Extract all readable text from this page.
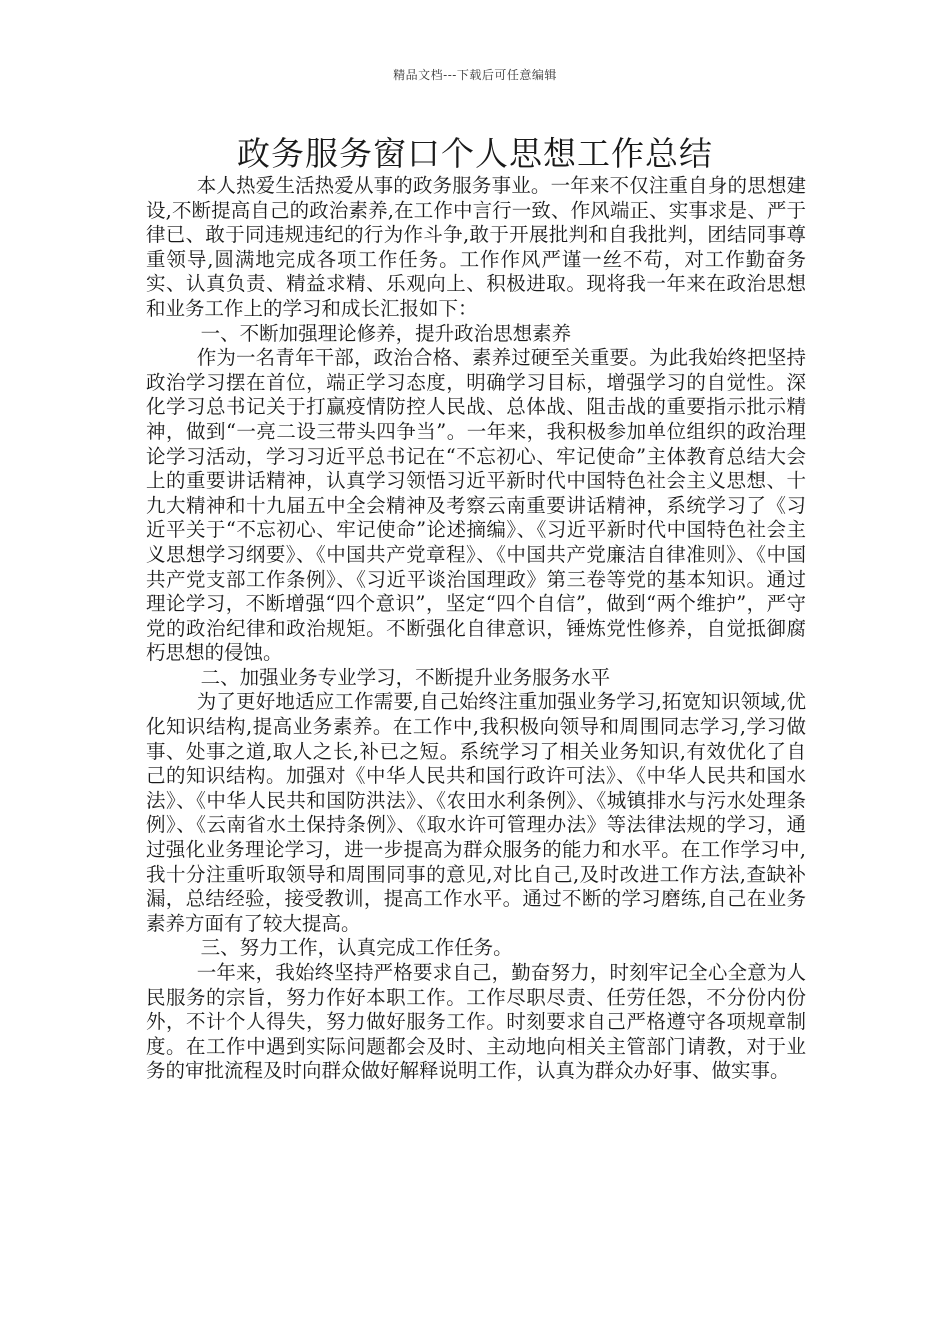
精品文档---下载后可任意编辑
政务服务窗口个人思想工作总结

本人热爱生活热爱从事的政务服务事业。一年来不仅注重自身的思想建设,不断提高自己的政治素养,在工作中言行一致、作风端正、实事求是、严于律已、敢于同违规违纪的行为作斗争,敢于开展批判和自我批判，团结同事尊重领导,圆满地完成各项工作任务。工作作风严谨一丝不苟，对工作勤奋务实、认真负责、精益求精、乐观向上、积极进取。现将我一年来在政治思想和业务工作上的学习和成长汇报如下：

一、不断加强理论修养，提升政治思想素养

作为一名青年干部，政治合格、素养过硬至关重要。为此我始终把坚持政治学习摆在首位，端正学习态度，明确学习目标，增强学习的自觉性。深化学习总书记关于打赢疫情防控人民战、总体战、阻击战的重要指示批示精神，做到“一亮二设三带头四争当”。一年来，我积极参加单位组织的政治理论学习活动，学习习近平总书记在“不忘初心、牢记使命”主体教育总结大会上的重要讲话精神，认真学习领悟习近平新时代中国特色社会主义思想、十九大精神和十九届五中全会精神及考察云南重要讲话精神，系统学习了《习近平关于“不忘初心、牢记使命”论述摘编》、《习近平新时代中国特色社会主义思想学习纲要》、《中国共产党章程》、《中国共产党廉洁自律准则》、《中国共产党支部工作条例》、《习近平谈治国理政》第三卷等党的基本知识。通过理论学习，不断增强“四个意识”，坚定“四个自信”，做到“两个维护”，严守党的政治纪律和政治规矩。不断强化自律意识，锤炼党性修养，自觉抵御腐朽思想的侵蚀。

二、加强业务专业学习，不断提升业务服务水平

为了更好地适应工作需要,自己始终注重加强业务学习,拓宽知识领域,优化知识结构,提高业务素养。在工作中,我积极向领导和周围同志学习,学习做事、处事之道,取人之长,补已之短。系统学习了相关业务知识,有效优化了自己的知识结构。加强对《中华人民共和国行政许可法》、《中华人民共和国水法》、《中华人民共和国防洪法》、《农田水利条例》、《城镇排水与污水处理条例》、《云南省水土保持条例》、《取水许可管理办法》等法律法规的学习，通过强化业务理论学习，进一步提高为群众服务的能力和水平。在工作学习中,我十分注重听取领导和周围同事的意见,对比自己,及时改进工作方法,查缺补漏，总结经验，接受教训，提高工作水平。通过不断的学习磨练,自己在业务素养方面有了较大提高。

三、努力工作，认真完成工作任务。

一年来，我始终坚持严格要求自己，勤奋努力，时刻牢记全心全意为人民服务的宗旨，努力作好本职工作。工作尽职尽责、任劳任怨，不分份内份外，不计个人得失，努力做好服务工作。时刻要求自己严格遵守各项规章制度。在工作中遇到实际问题都会及时、主动地向相关主管部门请教，对于业务的审批流程及时向群众做好解释说明工作，认真为群众办好事、做实事。
